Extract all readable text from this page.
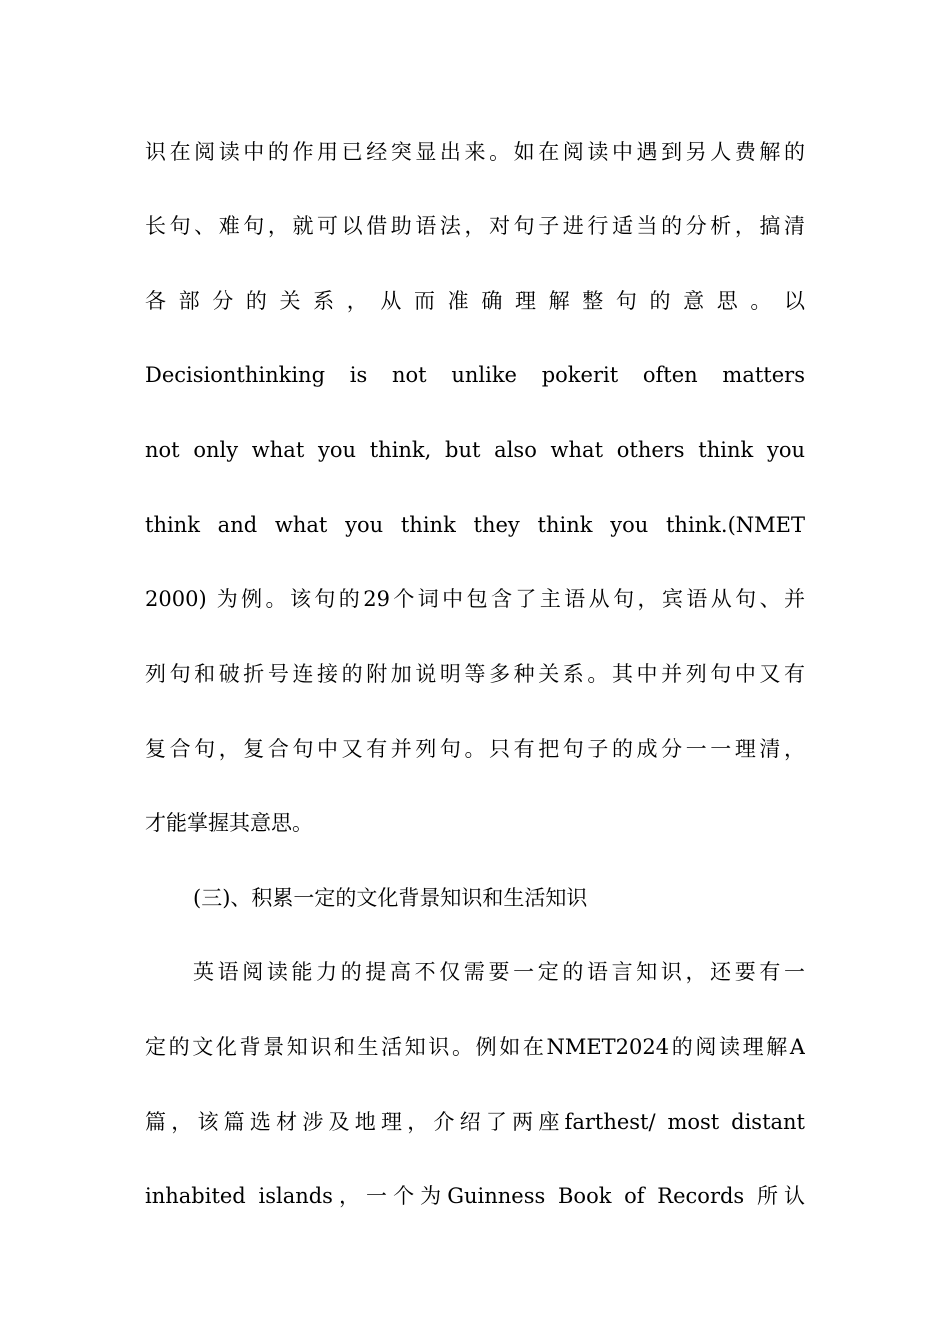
识在阅读中的作用已经突显出来。如在阅读中遇到另人费解的
长句、难句，就可以借助语法，对句子进行适当的分析，搞清
各部分的关系，从而准确理解整句的意思。以
Decisionthinking is not unlike pokerit often matters
not only what you think, but also what others think you
think and what you think they think you think.(NMET
2000) 为例。该句的29个词中包含了主语从句，宾语从句、并
列句和破折号连接的附加说明等多种关系。其中并列句中又有
复合句，复合句中又有并列句。只有把句子的成分一一理清，
才能掌握其意思。
(三)、积累一定的文化背景知识和生活知识
英语阅读能力的提高不仅需要一定的语言知识，还要有一
定的文化背景知识和生活知识。例如在NMET2024的阅读理解A
篇，该篇选材涉及地理，介绍了两座farthest/ most distant
inhabited islands，一个为Guinness Book of Records 所认
